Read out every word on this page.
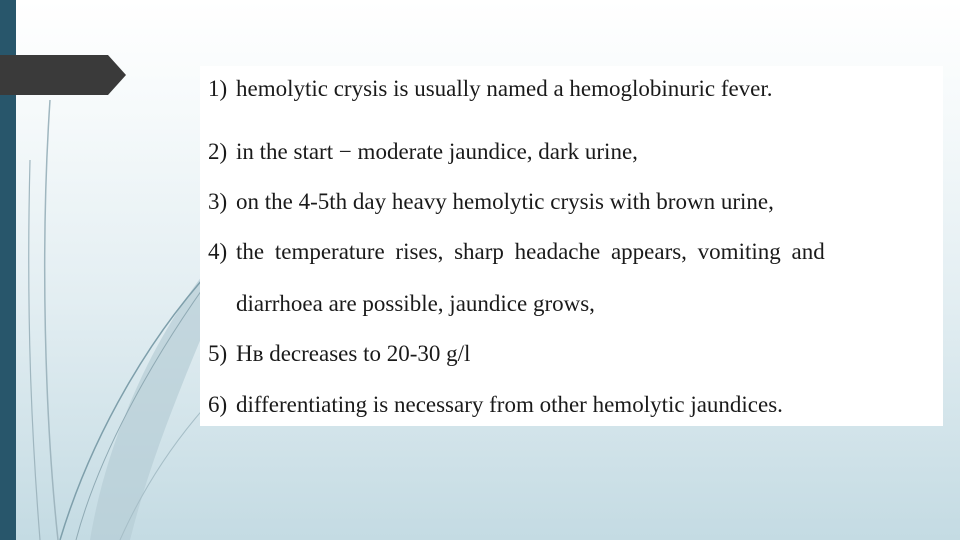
1) hemolytic crysis is usually named a hemoglobinuric fever.
2) in the start − moderate jaundice, dark urine,
3) on the 4-5th day heavy hemolytic crysis with brown urine,
4) the temperature rises, sharp headache appears, vomiting and
diarrhoea are possible, jaundice grows,
5) Нв decreases to 20-30 g/l
6) differentiating is necessary from other hemolytic jaundices.
